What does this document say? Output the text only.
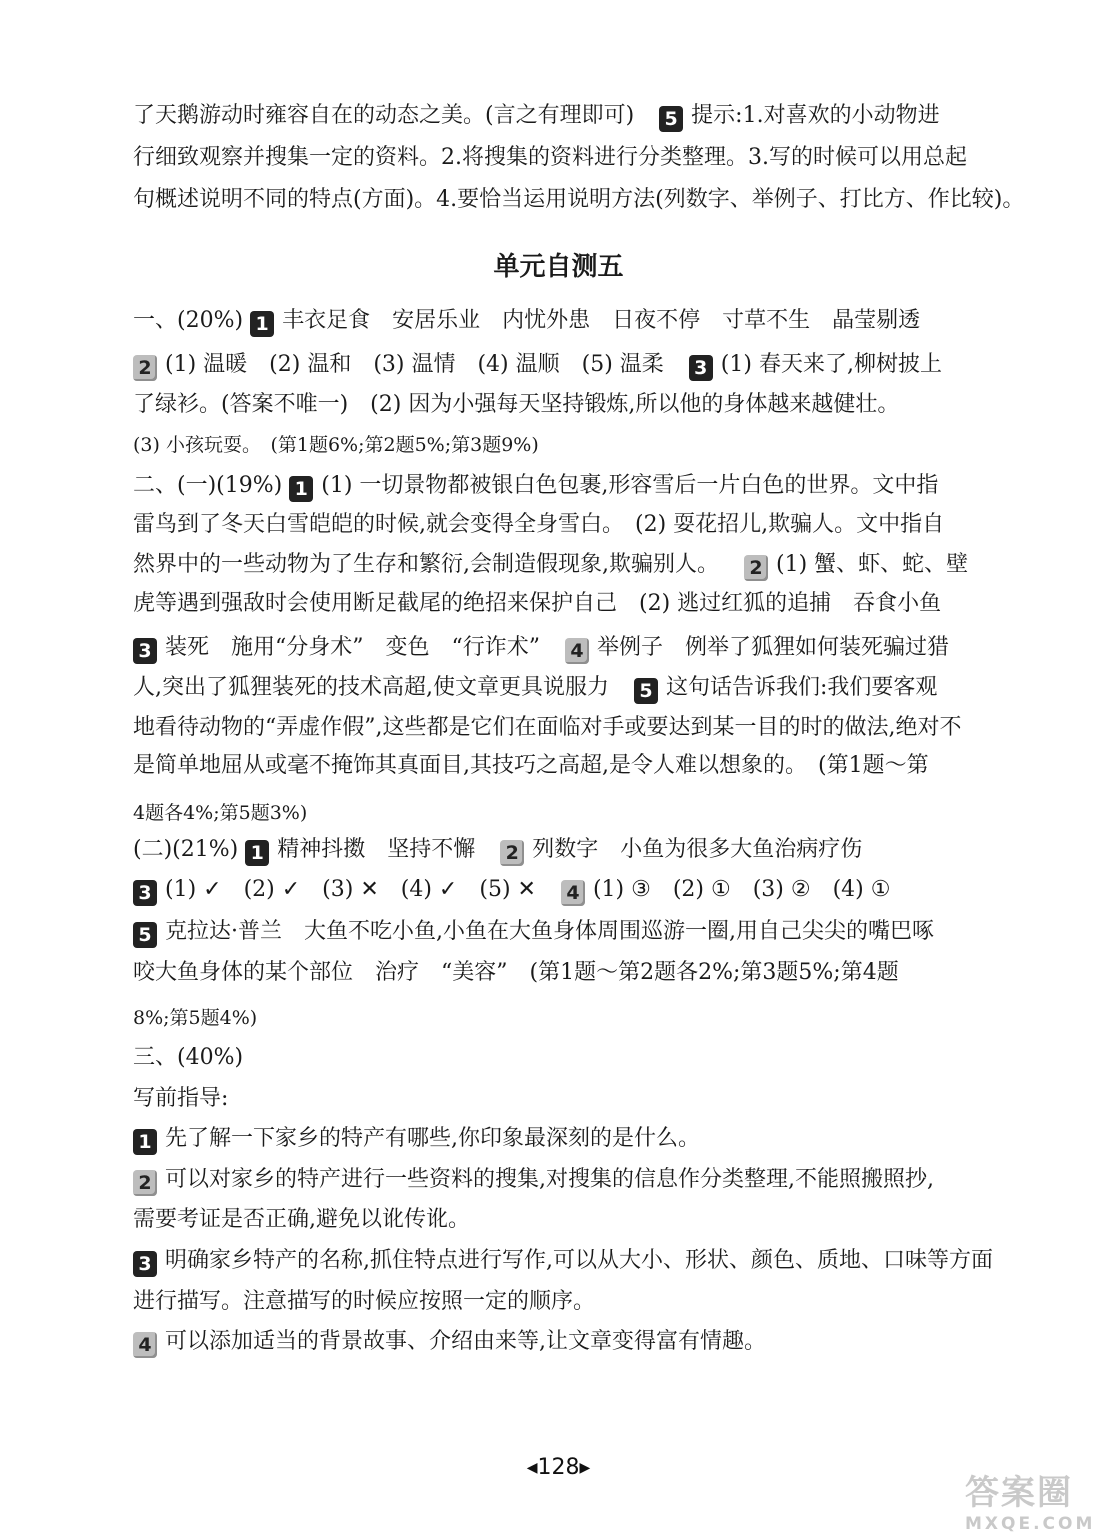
了天鹅游动时雍容自在的动态之美。(言之有理即可) 5 提示:1.对喜欢的小动物进
行细致观察并搜集一定的资料。2.将搜集的资料进行分类整理。3.写的时候可以用总起
句概述说明不同的特点(方面)。4.要恰当运用说明方法(列数字、举例子、打比方、作比较)。
单元自测五
一、(20%) 1 丰衣足食　安居乐业　内忧外患　日夜不停　寸草不生　晶莹剔透
2 (1) 温暖　(2) 温和　(3) 温情　(4) 温顺　(5) 温柔 3 (1) 春天来了,柳树披上
了绿衫。(答案不唯一)　(2) 因为小强每天坚持锻炼,所以他的身体越来越健壮。
(3) 小孩玩耍。　(第1题6%;第2题5%;第3题9%)
二、(一)(19%) 1 (1) 一切景物都被银白色包裹,形容雪后一片白色的世界。文中指
雷鸟到了冬天白雪皑皑的时候,就会变得全身雪白。　(2) 耍花招儿,欺骗人。文中指自
然界中的一些动物为了生存和繁衍,会制造假现象,欺骗别人。 2 (1) 蟹、虾、蛇、壁
虎等遇到强敌时会使用断足截尾的绝招来保护自己　(2) 逃过红狐的追捕　吞食小鱼
3 装死　施用“分身术”　变色　“行诈术” 4 举例子　例举了狐狸如何装死骗过猎
人,突出了狐狸装死的技术高超,使文章更具说服力 5 这句话告诉我们:我们要客观
地看待动物的“弄虚作假”,这些都是它们在面临对手或要达到某一目的时的做法,绝对不
是简单地屈从或毫不掩饰其真面目,其技巧之高超,是令人难以想象的。　(第1题～第
4题各4%;第5题3%)
(二)(21%) 1 精神抖擞　坚持不懈 2 列数字　小鱼为很多大鱼治病疗伤
3 (1) ✓　(2) ✓　(3) ✕　(4) ✓　(5) ✕ 4 (1) ③　(2) ①　(3) ②　(4) ①
5 克拉达·普兰　大鱼不吃小鱼,小鱼在大鱼身体周围巡游一圈,用自己尖尖的嘴巴啄
咬大鱼身体的某个部位　治疗　“美容”　(第1题～第2题各2%;第3题5%;第4题
8%;第5题4%)
三、(40%)
写前指导:
1 先了解一下家乡的特产有哪些,你印象最深刻的是什么。
2 可以对家乡的特产进行一些资料的搜集,对搜集的信息作分类整理,不能照搬照抄,
需要考证是否正确,避免以讹传讹。
3 明确家乡特产的名称,抓住特点进行写作,可以从大小、形状、颜色、质地、口味等方面
进行描写。注意描写的时候应按照一定的顺序。
4 可以添加适当的背景故事、介绍由来等,让文章变得富有情趣。
◀128▶
答案圈
MXQE.COM
